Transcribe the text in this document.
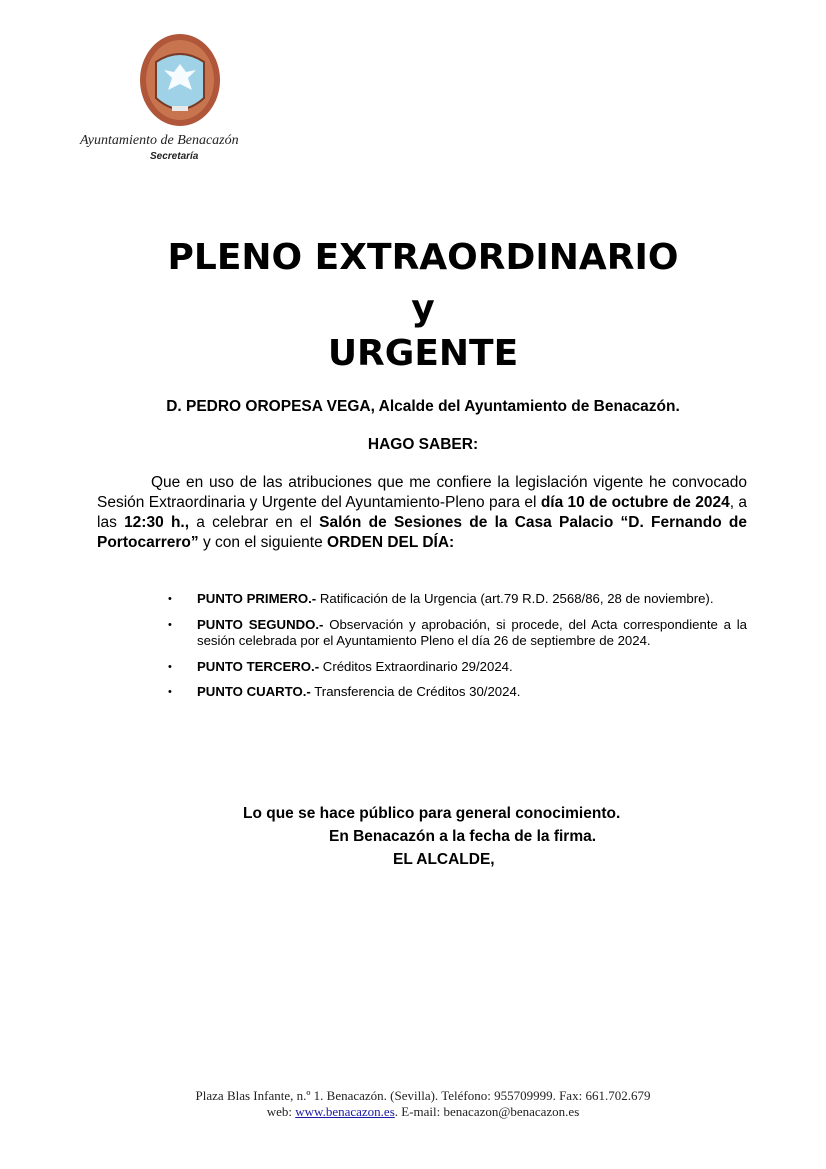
Ayuntamiento de Benacazón
Secretaría
PLENO EXTRAORDINARIO
y
URGENTE
D. PEDRO OROPESA VEGA, Alcalde del Ayuntamiento de Benacazón.
HAGO SABER:

Que en uso de las atribuciones que me confiere la legislación vigente he convocado Sesión Extraordinaria y Urgente del Ayuntamiento-Pleno para el día 10 de octubre de 2024, a las 12:30 h., a celebrar en el Salón de Sesiones de la Casa Palacio “D. Fernando de Portocarrero” y con el siguiente ORDEN DEL DÍA:

• PUNTO PRIMERO.- Ratificación de la Urgencia (art.79 R.D. 2568/86, 28 de noviembre).
• PUNTO SEGUNDO.- Observación y aprobación, si procede, del Acta correspondiente a la sesión celebrada por el Ayuntamiento Pleno el día 26 de septiembre de 2024.
• PUNTO TERCERO.- Créditos Extraordinario 29/2024.
• PUNTO CUARTO.- Transferencia de Créditos 30/2024.
Lo que se hace público para general conocimiento.
En Benacazón a la fecha de la firma.
EL ALCALDE,
Plaza Blas Infante, n.º 1. Benacazón. (Sevilla). Teléfono: 955709999. Fax: 661.702.679
web: www.benacazon.es. E-mail: benacazon@benacazon.es
